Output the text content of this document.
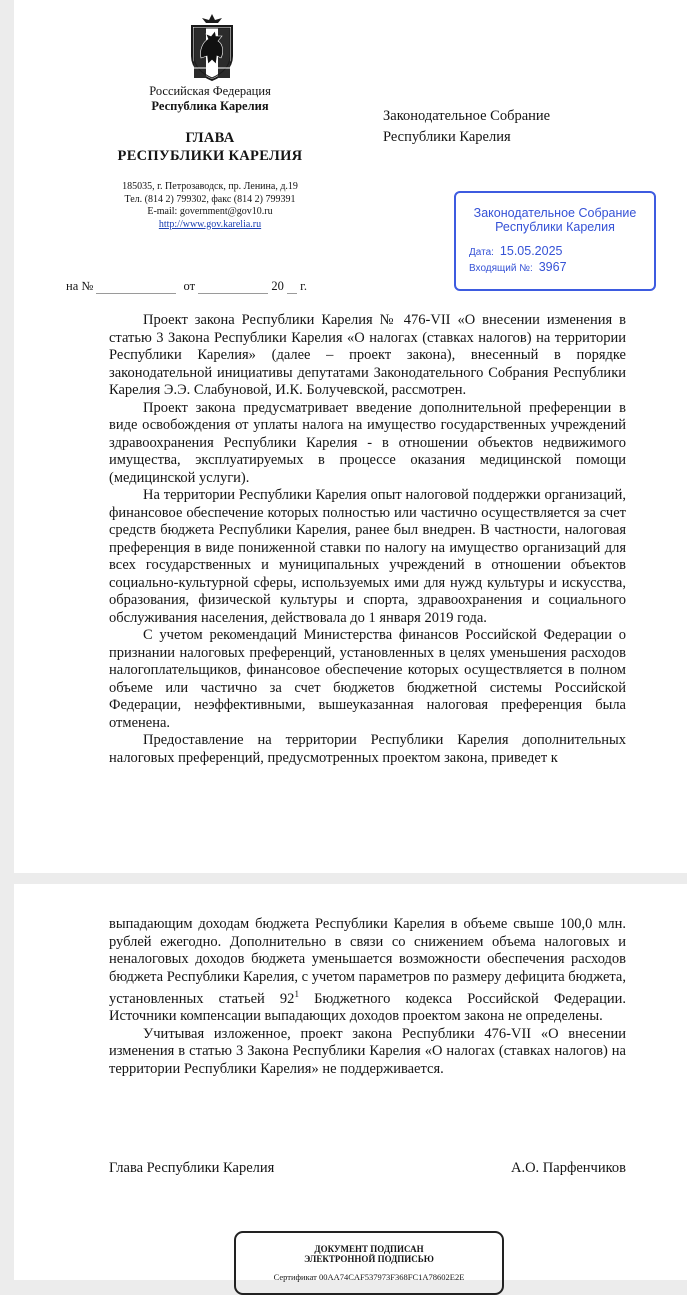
Российская Федерация
Республика Карелия
ГЛАВА
РЕСПУБЛИКИ КАРЕЛИЯ
185035, г. Петрозаводск, пр. Ленина, д.19
Тел. (814 2) 799302, факс (814 2) 799391
E-mail: government@gov10.ru
http://www.gov.karelia.ru
Законодательное Собрание
Республики Карелия
Законодательное Собрание
Республики Карелия
Дата: 15.05.2025
Входящий №: 3967
на №	от	20 г.

Проект закона Республики Карелия № 476-VII «О внесении изменения в статью 3 Закона Республики Карелия «О налогах (ставках налогов) на территории Республики Карелия» (далее – проект закона), внесенный в порядке законодательной инициативы депутатами Законодательного Собрания Республики Карелия Э.Э. Слабуновой, И.К. Болучевской, рассмотрен.

Проект закона предусматривает введение дополнительной преференции в виде освобождения от уплаты налога на имущество государственных учреждений здравоохранения Республики Карелия - в отношении объектов недвижимого имущества, эксплуатируемых в процессе оказания медицинской помощи (медицинской услуги).

На территории Республики Карелия опыт налоговой поддержки организаций, финансовое обеспечение которых полностью или частично осуществляется за счет средств бюджета Республики Карелия, ранее был внедрен. В частности, налоговая преференция в виде пониженной ставки по налогу на имущество организаций для всех государственных и муниципальных учреждений в отношении объектов социально-культурной сферы, используемых ими для нужд культуры и искусства, образования, физической культуры и спорта, здравоохранения и социального обслуживания населения, действовала до 1 января 2019 года.

С учетом рекомендаций Министерства финансов Российской Федерации о признании налоговых преференций, установленных в целях уменьшения расходов налогоплательщиков, финансовое обеспечение которых осуществляется в полном объеме или частично за счет бюджетов бюджетной системы Российской Федерации, неэффективными, вышеуказанная налоговая преференция была отменена.

Предоставление на территории Республики Карелия дополнительных налоговых преференций, предусмотренных проектом закона, приведет к

выпадающим доходам бюджета Республики Карелия в объеме свыше 100,0 млн. рублей ежегодно. Дополнительно в связи со снижением объема налоговых и неналоговых доходов бюджета уменьшается возможности обеспечения расходов бюджета Республики Карелия, с учетом параметров по размеру дефицита бюджета, установленных статьей $92^1$ Бюджетного кодекса Российской Федерации. Источники компенсации выпадающих доходов проектом закона не определены.

Учитывая изложенное, проект закона Республики 476-VII «О внесении изменения в статью 3 Закона Республики Карелия «О налогах (ставках налогов) на территории Республики Карелия» не поддерживается.

Глава Республики Карелия	А.О. Парфенчиков
ДОКУМЕНТ ПОДПИСАН
ЭЛЕКТРОННОЙ ПОДПИСЬЮ
Сертификат 00AA74CAF537973F368FC1A78602E2E
